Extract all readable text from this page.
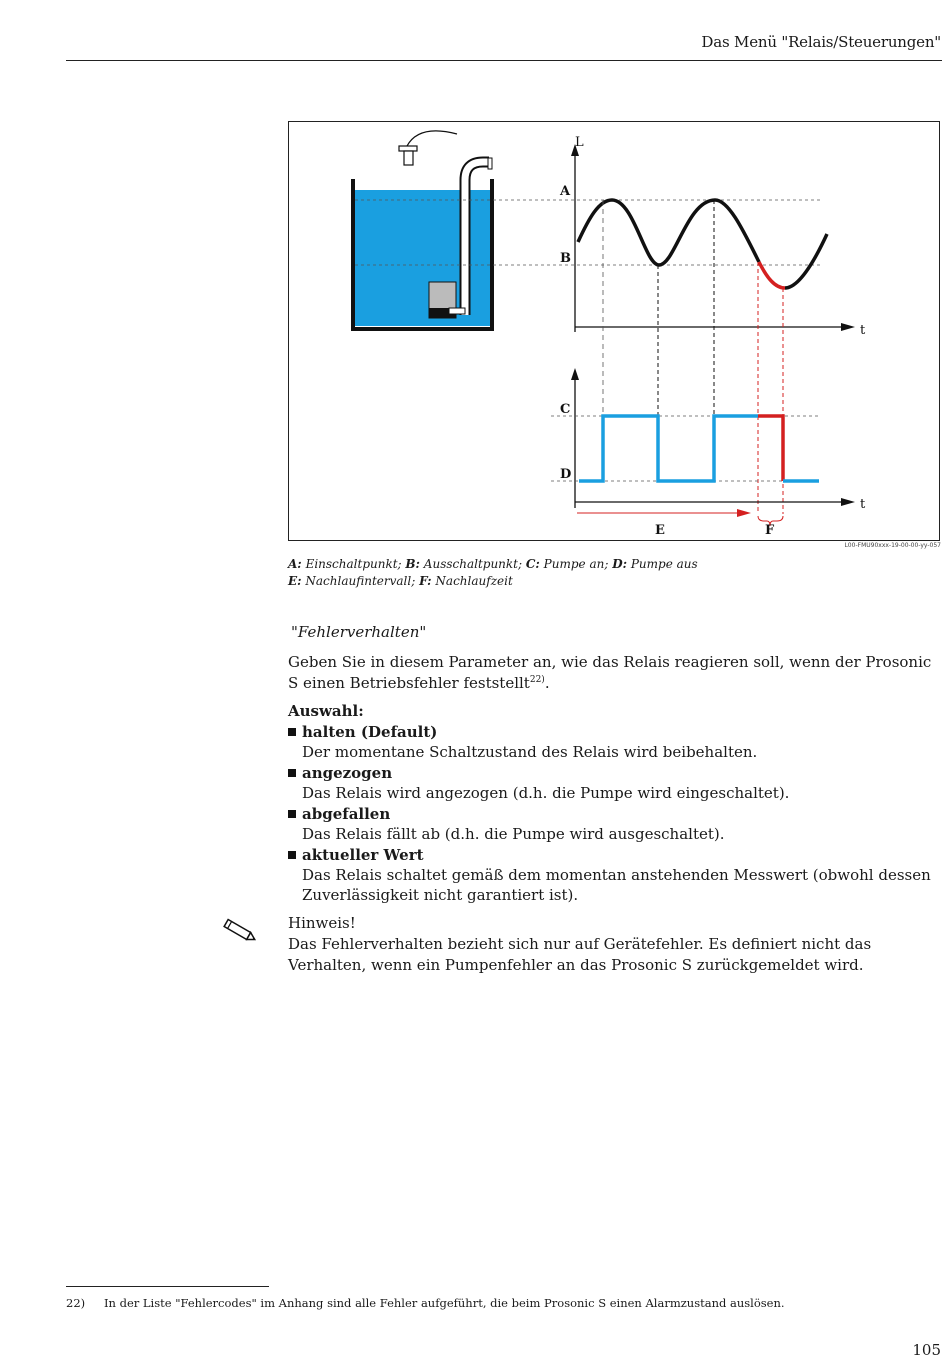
Das Menü "Relais/Steuerungen"
L
A
B
t
C
D
t
E	F
L00-FMU90xxx-19-00-00-yy-057
A: Einschaltpunkt; B: Ausschaltpunkt; C: Pumpe an; D: Pumpe aus
E: Nachlaufintervall; F: Nachlaufzeit
"Fehlerverhalten"
Geben Sie in diesem Parameter an, wie das Relais reagieren soll, wenn der Prosonic S einen Betriebsfehler feststellt$^{22)}$.
Auswahl:
halten (Default)
Der momentane Schaltzustand des Relais wird beibehalten.
angezogen
Das Relais wird angezogen (d.h. die Pumpe wird eingeschaltet).
abgefallen
Das Relais fällt ab (d.h. die Pumpe wird ausgeschaltet).
aktueller Wert
Das Relais schaltet gemäß dem momentan anstehenden Messwert (obwohl dessen Zuverlässigkeit nicht garantiert ist).
Hinweis!
Das Fehlerverhalten bezieht sich nur auf Gerätefehler. Es definiert nicht das Verhalten, wenn ein Pumpenfehler an das Prosonic S zurückgemeldet wird.
22) In der Liste "Fehlercodes" im Anhang sind alle Fehler aufgeführt, die beim Prosonic S einen Alarmzustand auslösen.
105
